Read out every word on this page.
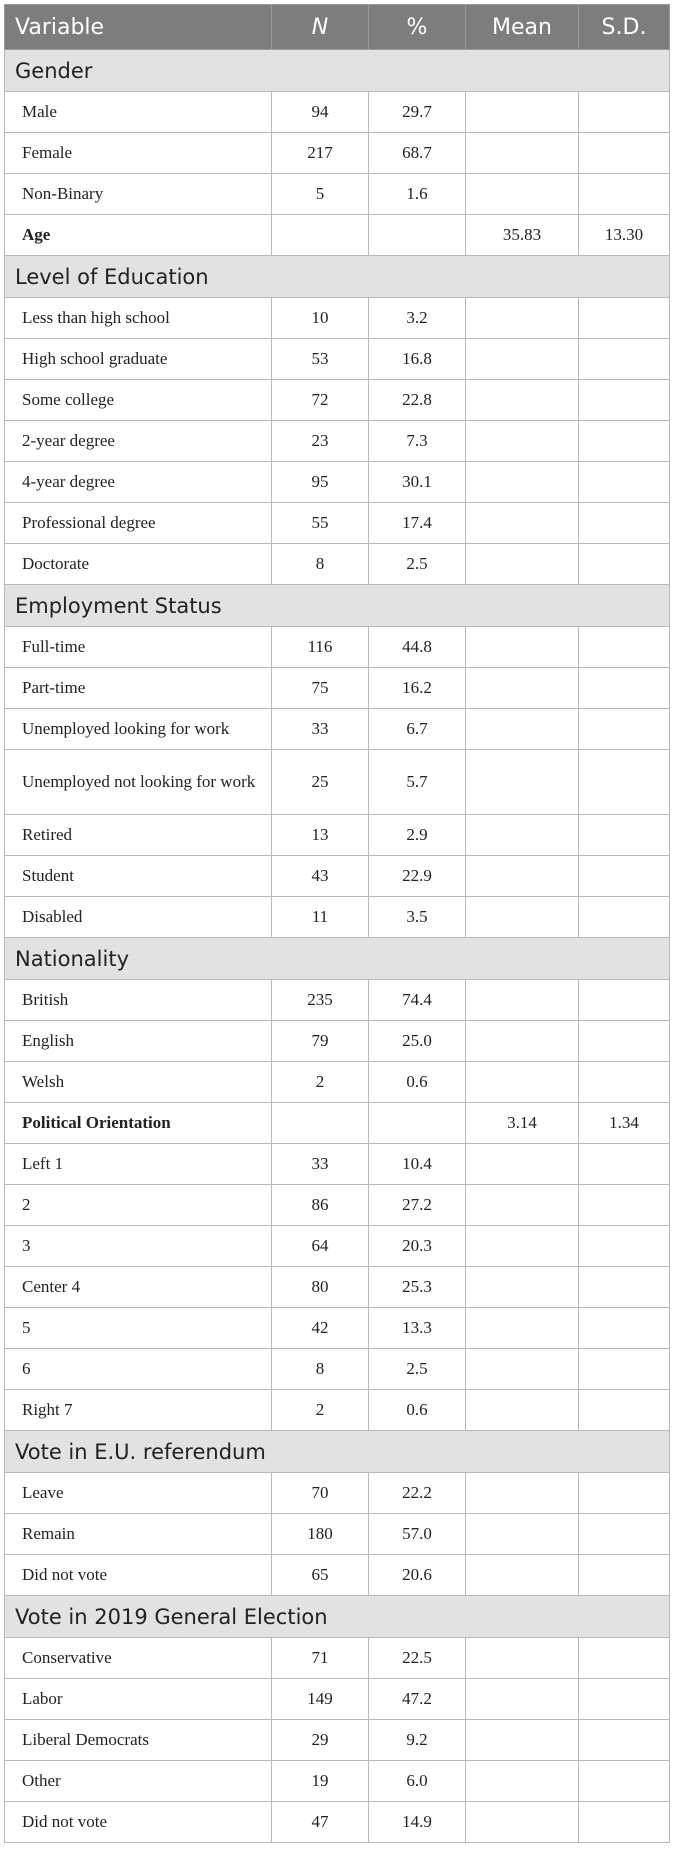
Variable	N	%	Mean	S.D.
Gender				
Male	94	29.7		
Female	217	68.7		
Non-Binary	5	1.6		
Age			35.83	13.30
Level of Education				
Less than high school	10	3.2		
High school graduate	53	16.8		
Some college	72	22.8		
2-year degree	23	7.3		
4-year degree	95	30.1		
Professional degree	55	17.4		
Doctorate	8	2.5		
Employment Status				
Full-time	116	44.8		
Part-time	75	16.2		
Unemployed looking for work	33	6.7		
Unemployed not looking for work	25	5.7		
Retired	13	2.9		
Student	43	22.9		
Disabled	11	3.5		
Nationality				
British	235	74.4		
English	79	25.0		
Welsh	2	0.6		
Political Orientation			3.14	1.34
Left 1	33	10.4		
2	86	27.2		
3	64	20.3		
Center 4	80	25.3		
5	42	13.3		
6	8	2.5		
Right 7	2	0.6		
Vote in E.U. referendum				
Leave	70	22.2		
Remain	180	57.0		
Did not vote	65	20.6		
Vote in 2019 General Election				
Conservative	71	22.5		
Labor	149	47.2		
Liberal Democrats	29	9.2		
Other	19	6.0		
Did not vote	47	14.9		
